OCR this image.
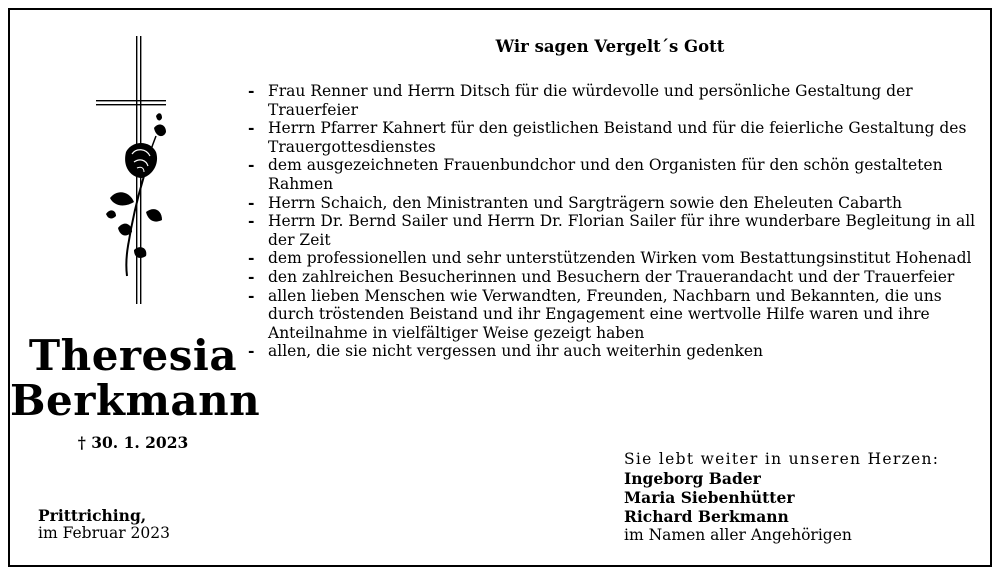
Theresia
Berkmann
† 30. 1. 2023
Prittriching,
im Februar 2023
Wir sagen Vergelt´s Gott
- Frau Renner und Herrn Ditsch für die würdevolle und persönliche Gestaltung der Trauerfeier
- Herrn Pfarrer Kahnert für den geistlichen Beistand und für die feierliche Gestaltung des Trauergottesdienstes
- dem ausgezeichneten Frauenbundchor und den Organisten für den schön gestalteten Rahmen
- Herrn Schaich, den Ministranten und Sargträgern sowie den Eheleuten Cabarth
- Herrn Dr. Bernd Sailer und Herrn Dr. Florian Sailer für ihre wunderbare Begleitung in all der Zeit
- dem professionellen und sehr unterstützenden Wirken vom Bestattungsinstitut Hohenadl
- den zahlreichen Besucherinnen und Besuchern der Trauerandacht und der Trauerfeier
- allen lieben Menschen wie Verwandten, Freunden, Nachbarn und Bekannten, die uns durch tröstenden Beistand und ihr Engagement eine wertvolle Hilfe waren und ihre Anteilnahme in vielfältiger Weise gezeigt haben
- allen, die sie nicht vergessen und ihr auch weiterhin gedenken
Sie lebt weiter in unseren Herzen:
Ingeborg Bader
Maria Siebenhütter
Richard Berkmann
im Namen aller Angehörigen
